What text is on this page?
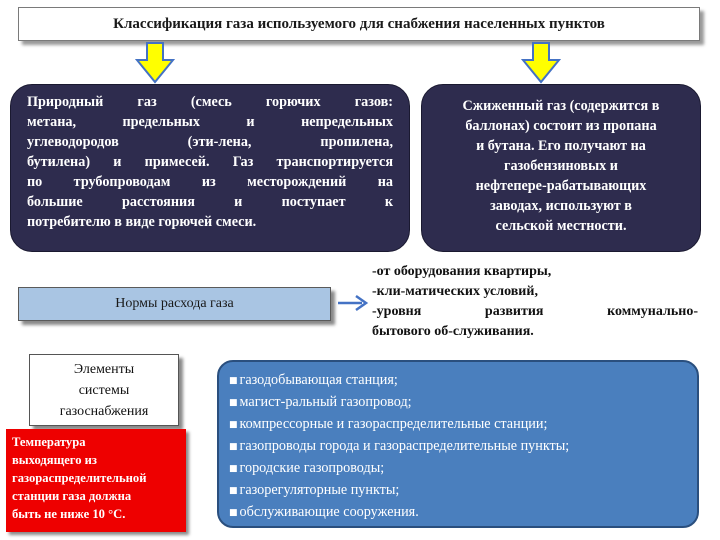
Классификация газа используемого для снабжения населенных пунктов
Природный газ (смесь горючих газов:
метана, предельных и непредельных
углеводородов (эти-лена, пропилена,
бутилена) и примесей. Газ транспортируется
по трубопроводам из месторождений на
большие расстояния и поступает к
потребителю в виде горючей смеси.
Сжиженный газ (содержится в
баллонах) состоит из пропана
и бутана. Его получают на
газобензиновых и
нефтепере-рабатывающих
заводах, используют в
сельской местности.
Нормы расхода газа
-от оборудования квартиры,
-кли-матических условий,
-уровня развития коммунально-
бытового об-служивания.
Элементы
системы
газоснабжения
Температура
выходящего из
газораспределительной
станции газа должна
быть не ниже 10 °С.
■ газодобывающая станция;
■ магист-ральный газопровод;
■ компрессорные и газораспределительные станции;
■ газопроводы города и газораспределительные пункты;
■ городские газопроводы;
■ газорегуляторные пункты;
■ обслуживающие сооружения.
